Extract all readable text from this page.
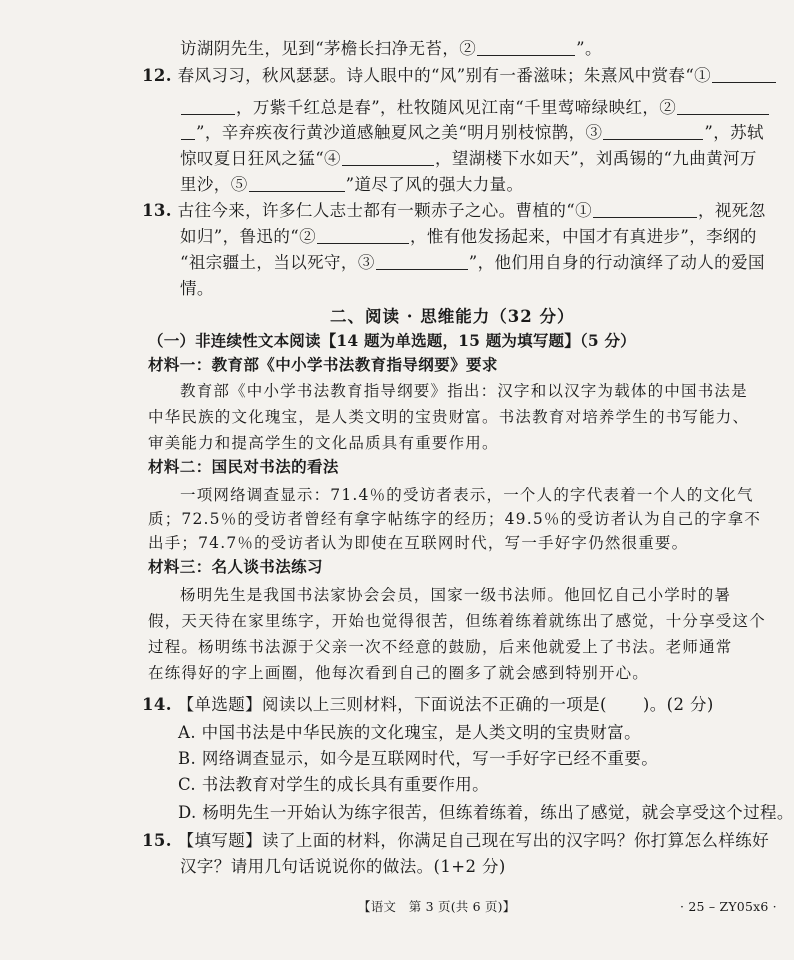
访湖阴先生，见到“茅檐长扫净无苔，②	”。
12. 春风习习，秋风瑟瑟。诗人眼中的“风”别有一番滋味；朱熹风中赏春“①
，万紫千红总是春”，杜牧随风见江南“千里莺啼绿映红，②
”，辛弃疾夜行黄沙道感触夏风之美“明月别枝惊鹊，③	”，苏轼
惊叹夏日狂风之猛“④	，望湖楼下水如天”，刘禹锡的“九曲黄河万
里沙，⑤	”道尽了风的强大力量。
13. 古往今来，许多仁人志士都有一颗赤子之心。曹植的“①	，视死忽
如归”，鲁迅的“②	，惟有他发扬起来，中国才有真进步”，李纲的
“祖宗疆土，当以死守，③	”，他们用自身的行动演绎了动人的爱国
情。
二、阅读 · 思维能力（32 分）
（一）非连续性文本阅读【14 题为单选题，15 题为填写题】（5 分）
材料一：教育部《中小学书法教育指导纲要》要求
教育部《中小学书法教育指导纲要》指出：汉字和以汉字为载体的中国书法是
中华民族的文化瑰宝，是人类文明的宝贵财富。书法教育对培养学生的书写能力、
审美能力和提高学生的文化品质具有重要作用。
材料二：国民对书法的看法
一项网络调查显示：71.4％的受访者表示，一个人的字代表着一个人的文化气
质；72.5％的受访者曾经有拿字帖练字的经历；49.5％的受访者认为自己的字拿不
出手；74.7％的受访者认为即使在互联网时代，写一手好字仍然很重要。
材料三：名人谈书法练习
杨明先生是我国书法家协会会员，国家一级书法师。他回忆自己小学时的暑
假，天天待在家里练字，开始也觉得很苦，但练着练着就练出了感觉，十分享受这个
过程。杨明练书法源于父亲一次不经意的鼓励，后来他就爱上了书法。老师通常
在练得好的字上画圈，他每次看到自己的圈多了就会感到特别开心。
14. 【单选题】阅读以上三则材料，下面说法不正确的一项是( )。(2 分)
A. 中国书法是中华民族的文化瑰宝，是人类文明的宝贵财富。
B. 网络调查显示，如今是互联网时代，写一手好字已经不重要。
C. 书法教育对学生的成长具有重要作用。
D. 杨明先生一开始认为练字很苦，但练着练着，练出了感觉，就会享受这个过程。
15. 【填写题】读了上面的材料，你满足自己现在写出的汉字吗？你打算怎么样练好
汉字？请用几句话说说你的做法。(1+2 分)
【语文　第 3 页(共 6 页)】	· 25 – ZY05x6 ·
